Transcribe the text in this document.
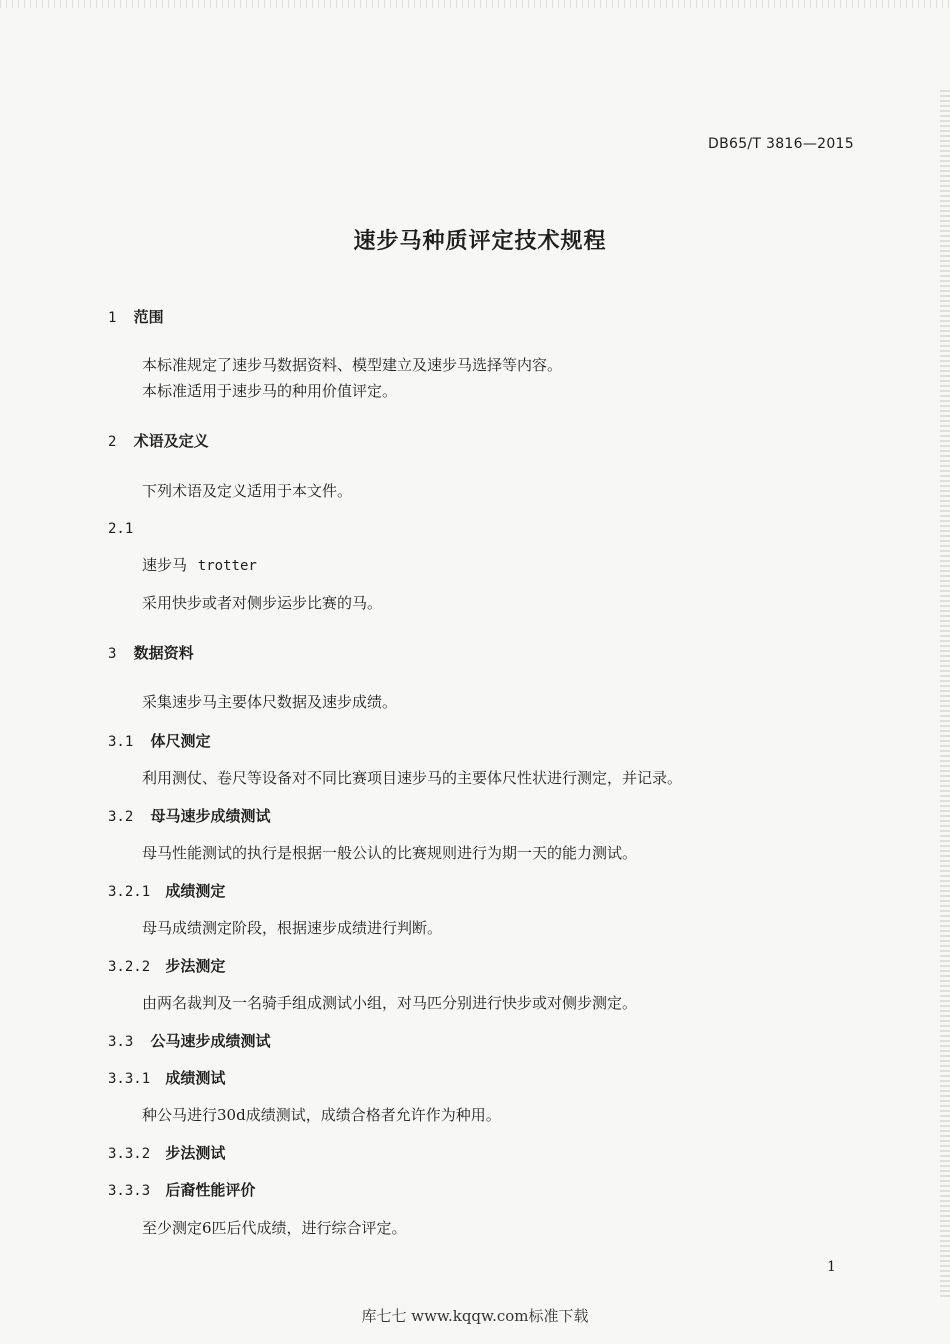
DB65/T 3816—2015
速步马种质评定技术规程
1 范围
本标准规定了速步马数据资料、模型建立及速步马选择等内容。
本标准适用于速步马的种用价值评定。
2 术语及定义
下列术语及定义适用于本文件。
2.1
速步马 trotter
采用快步或者对侧步运步比赛的马。
3 数据资料
采集速步马主要体尺数据及速步成绩。
3.1 体尺测定
利用测仗、卷尺等设备对不同比赛项目速步马的主要体尺性状进行测定，并记录。
3.2 母马速步成绩测试
母马性能测试的执行是根据一般公认的比赛规则进行为期一天的能力测试。
3.2.1 成绩测定
母马成绩测定阶段，根据速步成绩进行判断。
3.2.2 步法测定
由两名裁判及一名骑手组成测试小组，对马匹分别进行快步或对侧步测定。
3.3 公马速步成绩测试
3.3.1 成绩测试
种公马进行30d成绩测试，成绩合格者允许作为种用。
3.3.2 步法测试
3.3.3 后裔性能评价
至少测定6匹后代成绩，进行综合评定。
1
库七七 www.kqqw.com标准下载
